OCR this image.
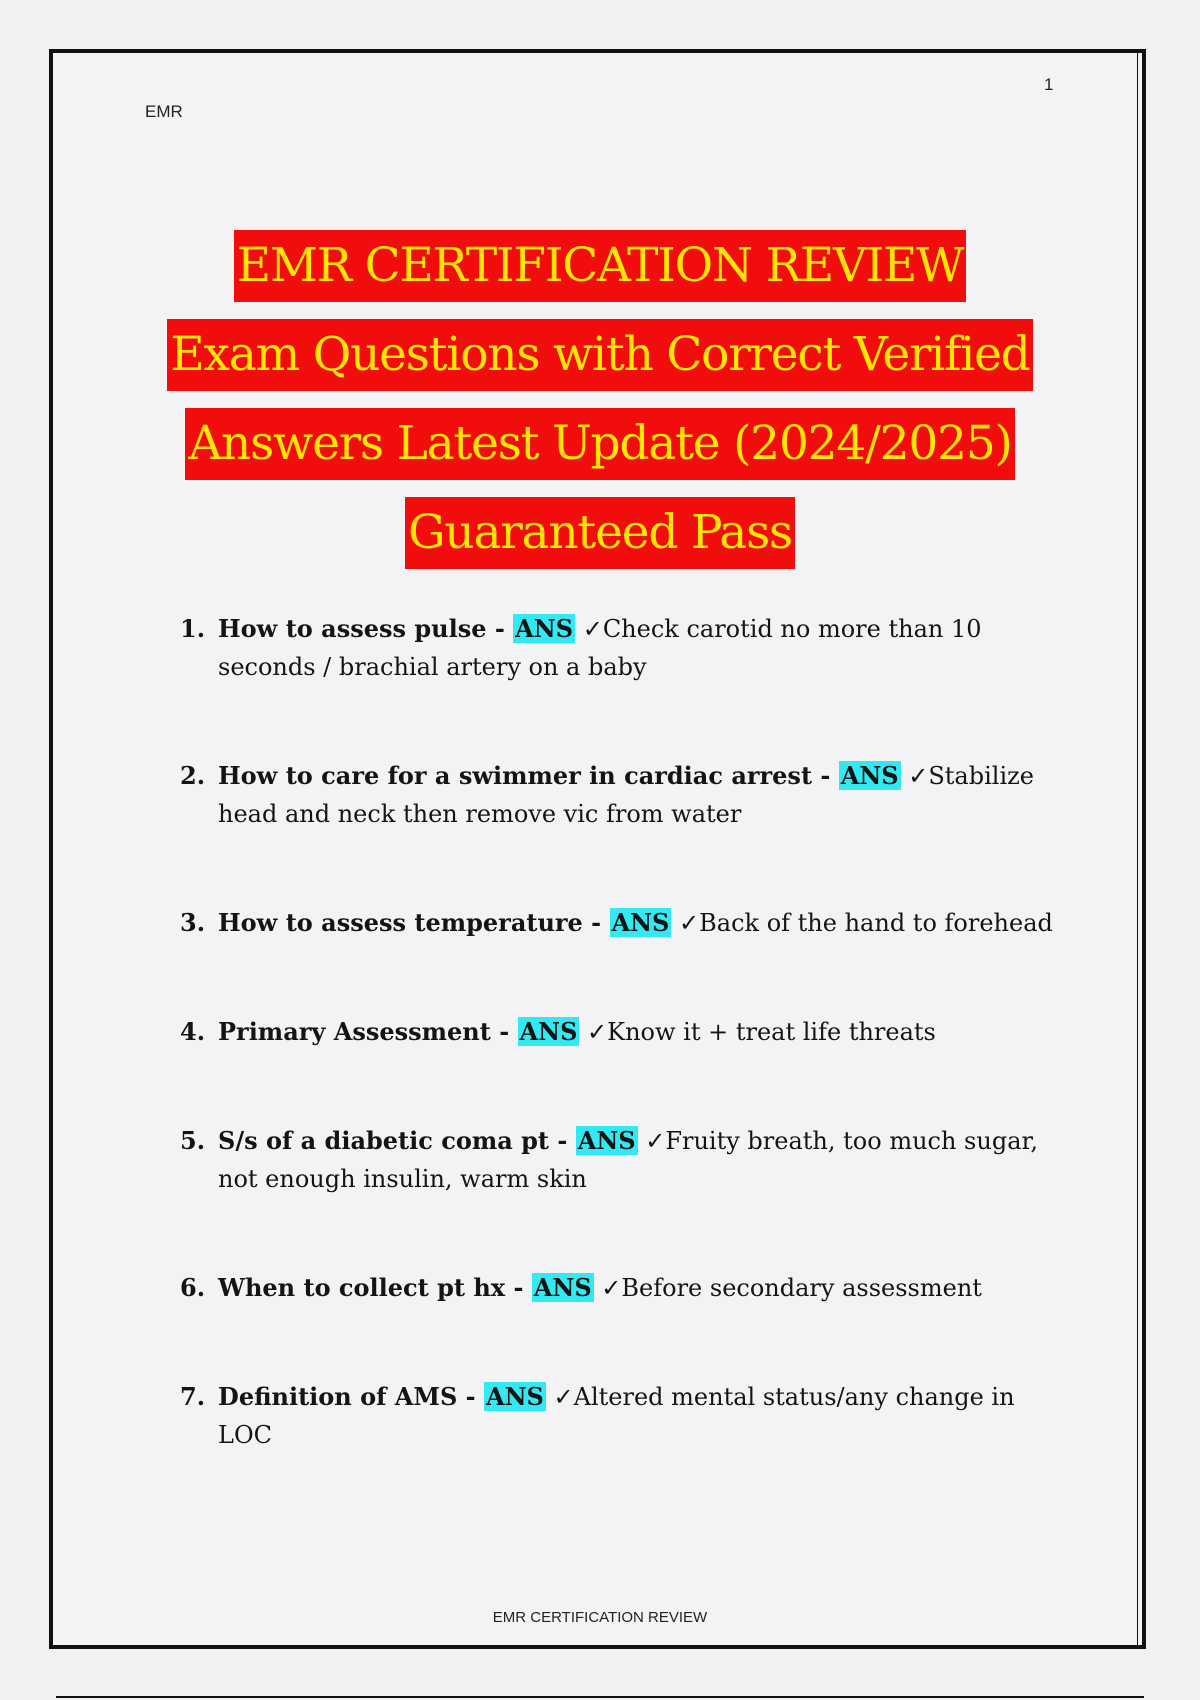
EMR
1
EMR CERTIFICATION REVIEW
Exam Questions with Correct Verified
Answers Latest Update (2024/2025)
Guaranteed Pass
1. How to assess pulse - ANS ✓Check carotid no more than 10 seconds / brachial artery on a baby
2. How to care for a swimmer in cardiac arrest - ANS ✓Stabilize head and neck then remove vic from water
3. How to assess temperature - ANS ✓Back of the hand to forehead
4. Primary Assessment - ANS ✓Know it + treat life threats
5. S/s of a diabetic coma pt - ANS ✓Fruity breath, too much sugar, not enough insulin, warm skin
6. When to collect pt hx - ANS ✓Before secondary assessment
7. Definition of AMS - ANS ✓Altered mental status/any change in LOC
EMR CERTIFICATION REVIEW
